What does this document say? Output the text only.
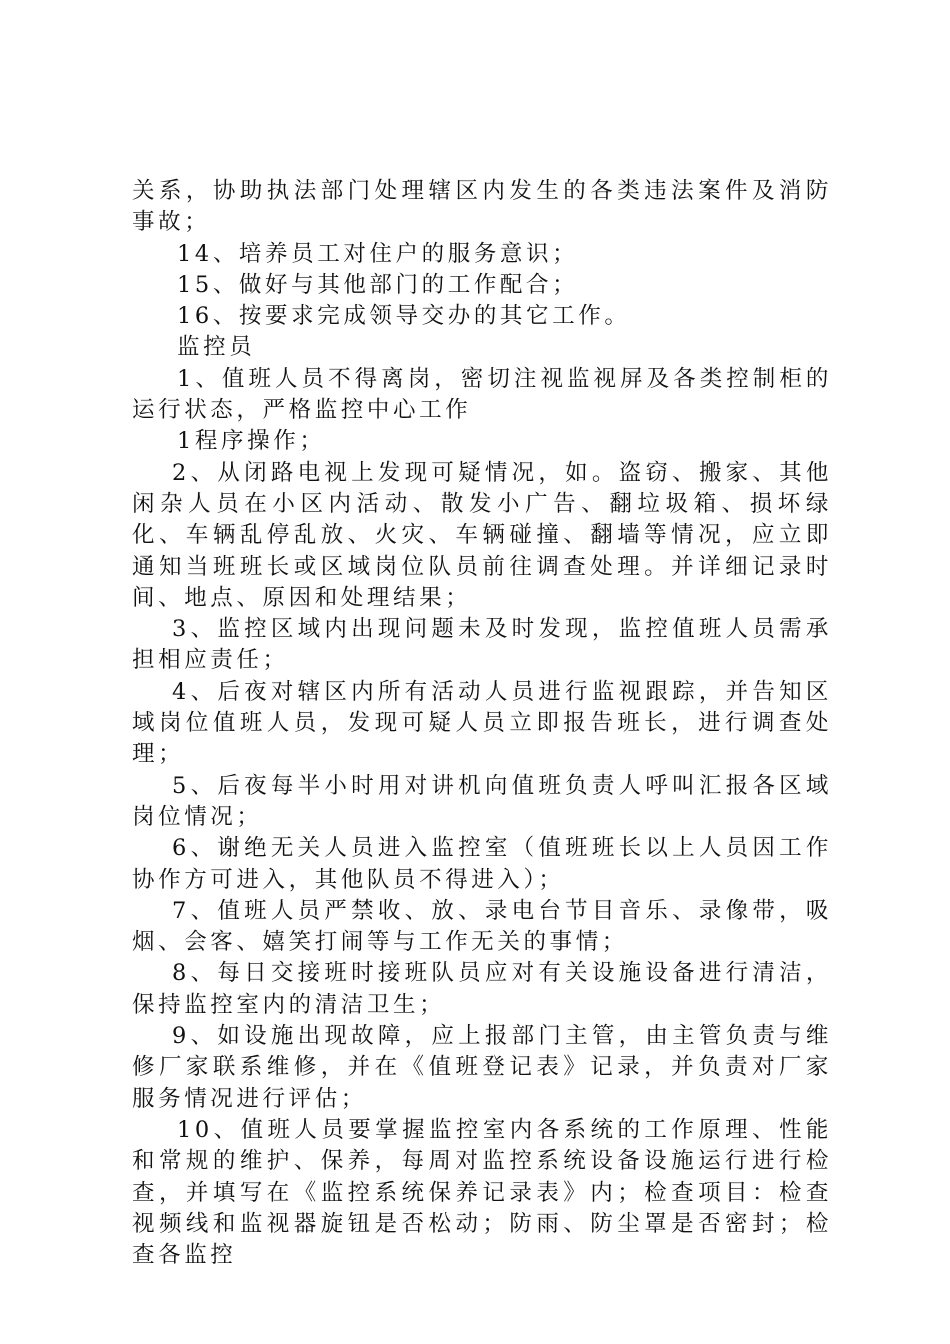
关系，协助执法部门处理辖区内发生的各类违法案件及消防事故；

14、培养员工对住户的服务意识；

15、做好与其他部门的工作配合；

16、按要求完成领导交办的其它工作。

监控员

1、值班人员不得离岗，密切注视监视屏及各类控制柜的运行状态，严格监控中心工作

1程序操作；

2、从闭路电视上发现可疑情况，如。盗窃、搬家、其他闲杂人员在小区内活动、散发小广告、翻垃圾箱、损坏绿化、车辆乱停乱放、火灾、车辆碰撞、翻墙等情况，应立即通知当班班长或区域岗位队员前往调查处理。并详细记录时间、地点、原因和处理结果；

3、监控区域内出现问题未及时发现，监控值班人员需承担相应责任；

4、后夜对辖区内所有活动人员进行监视跟踪，并告知区域岗位值班人员，发现可疑人员立即报告班长，进行调查处理；

5、后夜每半小时用对讲机向值班负责人呼叫汇报各区域岗位情况；

6、谢绝无关人员进入监控室（值班班长以上人员因工作协作方可进入，其他队员不得进入）；

7、值班人员严禁收、放、录电台节目音乐、录像带，吸烟、会客、嬉笑打闹等与工作无关的事情；

8、每日交接班时接班队员应对有关设施设备进行清洁，保持监控室内的清洁卫生；

9、如设施出现故障，应上报部门主管，由主管负责与维修厂家联系维修，并在《值班登记表》记录，并负责对厂家服务情况进行评估；

10、值班人员要掌握监控室内各系统的工作原理、性能和常规的维护、保养，每周对监控系统设备设施运行进行检查，并填写在《监控系统保养记录表》内；检查项目：检查视频线和监视器旋钮是否松动；防雨、防尘罩是否密封；检查各监控
